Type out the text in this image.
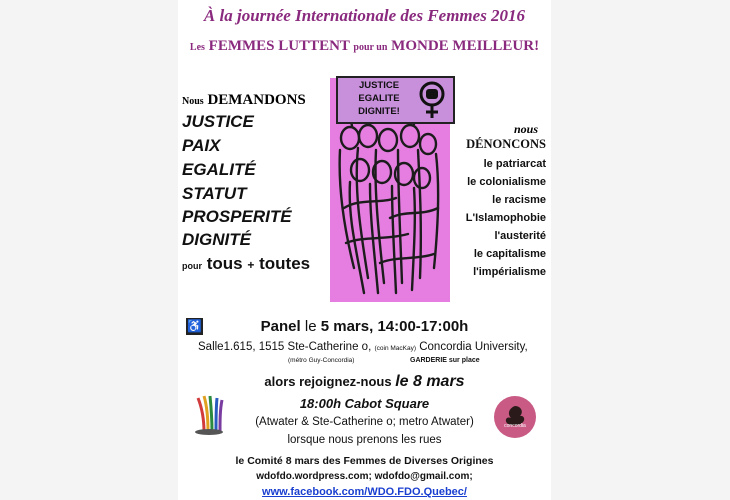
À la journée Internationale des Femmes 2016
Les FEMMES LUTTENT pour un MONDE MEILLEUR!
JUSTICE
EGALITE
DIGNITE!
Nous DEMANDONS
JUSTICE
PAIX
EGALITÉ
STATUT
PROSPERITÉ
DIGNITÉ
pour tous + toutes
nous
DÉNONCONS
le patriarcat
le colonialisme
le racisme
L'Islamophobie
l'austerité
le capitalisme
l'impérialisme
♿	Panel le 5 mars, 14:00-17:00h
Salle1.615, 1515 Ste-Catherine o, (coin MacKay) Concordia University,
(métro Guy-Concordia)	GARDERIE sur place
alors rejoignez-nous le 8 mars
18:00h Cabot Square
(Atwater & Ste-Catherine o; metro Atwater)
lorsque nous prenons les rues
concordia
le Comité 8 mars des Femmes de Diverses Origines
wdofdo.wordpress.com; wdofdo@gmail.com;
www.facebook.com/WDO.FDO.Quebec/
